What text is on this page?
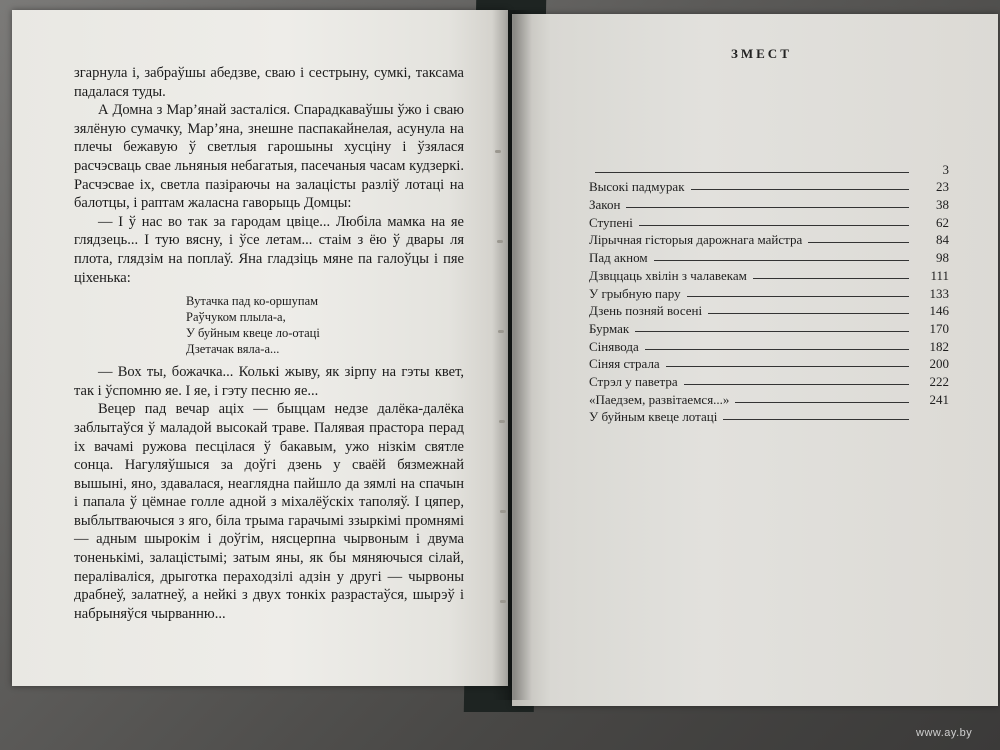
згарнула і, забраўшы абедзве, сваю і сестрыну, сумкі, таксама падалася туды.

А Домна з Мар’янай засталіся. Спарадкаваўшы ўжо і сваю зялёную сумачку, Мар’яна, знешне паспакайнелая, асунула на плечы бежавую ў светлыя гарошыны хусціну і ўзялася расчэсваць свае льняныя небагатыя, пасечаныя часам кудзеркі. Расчэсвае іх, светла пазіраючы на залацісты разліў лотаці на балотцы, і раптам жаласна гаворыць Домцы:

— І ў нас во так за гародам цвіце... Любіла мамка на яе глядзець... І тую вясну, і ўсе летам... стаім з ёю ў двары ля плота, глядзім на поплаў. Яна гладзіць мяне па галоўцы і пяе ціхенька:

Вутачка пад ко-оршупам
Раўчуком плыла-а,
У буйным квеце ло-отаці
Дзетачак вяла-а...

— Вох ты, божачка... Колькі жыву, як зірпу на гэты квет, так і ўспомню яе. І яе, і гэту песню яе...

Вецер пад вечар аціх — быццам недзе далёка-далёка заблытаўся ў маладой высокай траве. Палявая прастора перад іх вачамі ружова песцілася ў бакавым, ужо нізкім святле сонца. Нагуляўшыся за доўгі дзень у сваёй бязмежнай вышыні, яно, здавалася, неаглядна пайшло да зямлі на спачын і папала ў цёмнае голле адной з міхалёўскіх таполяў. І цяпер, выблытваючыся з яго, біла трыма гарачымі ззыркімі промнямі — адным шырокім і доўгім, нясцерпна чырвоным і двума тоненькімі, залацістымі; затым яны, як бы мяняючыся сілай, пераліваліся, дрыготка пераходзілі адзін у другі — чырвоны драбнеў, залатнеў, а нейкі з двух тонкіх разрастаўся, шырэў і набрыняўся чырванню...

ЗМЕСТ
3
Высокі падмурак	23
Закон	38
Ступені	62
Лірычная гісторыя дарожнага майстра	84
Пад акном	98
Дзвццаць хвілін з чалавекам	111
У грыбную пару	133
Дзень позняй восені	146
Бурмак	170
Сінявода	182
Сіняя страла	200
Стрэл у паветра	222
«Паедзем, развітаемся...»	241
У буйным квеце лотаці
www.ay.by
